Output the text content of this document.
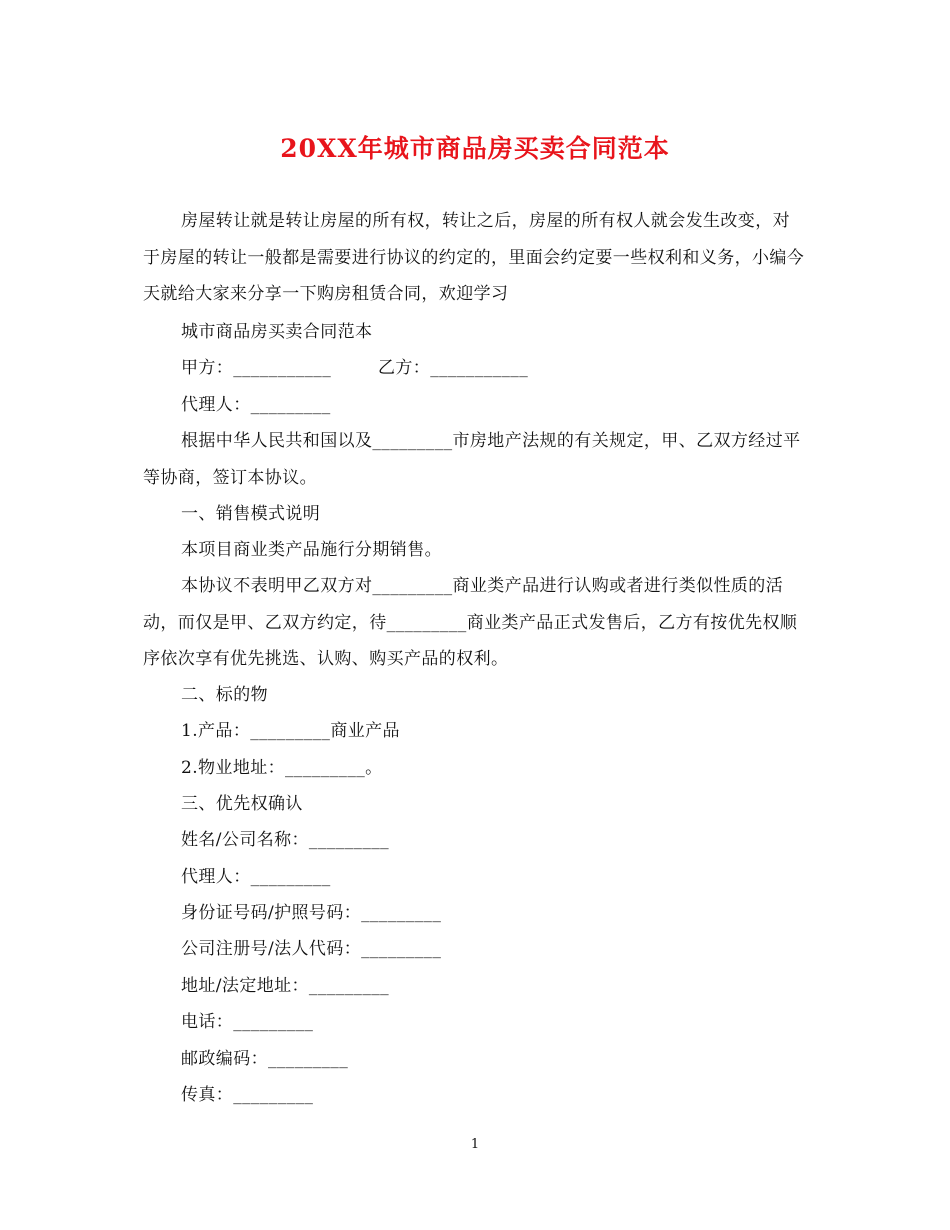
20XX年城市商品房买卖合同范本
房屋转让就是转让房屋的所有权，转让之后，房屋的所有权人就会发生改变，对于房屋的转让一般都是需要进行协议的约定的，里面会约定要一些权利和义务，小编今天就给大家来分享一下购房租赁合同，欢迎学习
城市商品房买卖合同范本
甲方：___________	乙方：___________
代理人：_________
根据中华人民共和国以及_________市房地产法规的有关规定，甲、乙双方经过平等协商，签订本协议。
一、销售模式说明
本项目商业类产品施行分期销售。
本协议不表明甲乙双方对_________商业类产品进行认购或者进行类似性质的活动，而仅是甲、乙双方约定，待_________商业类产品正式发售后，乙方有按优先权顺序依次享有优先挑选、认购、购买产品的权利。
二、标的物
1.产品：_________商业产品
2.物业地址：_________。
三、优先权确认
姓名/公司名称：_________
代理人：_________
身份证号码/护照号码：_________
公司注册号/法人代码：_________
地址/法定地址：_________
电话：_________
邮政编码：_________
传真：_________
1
